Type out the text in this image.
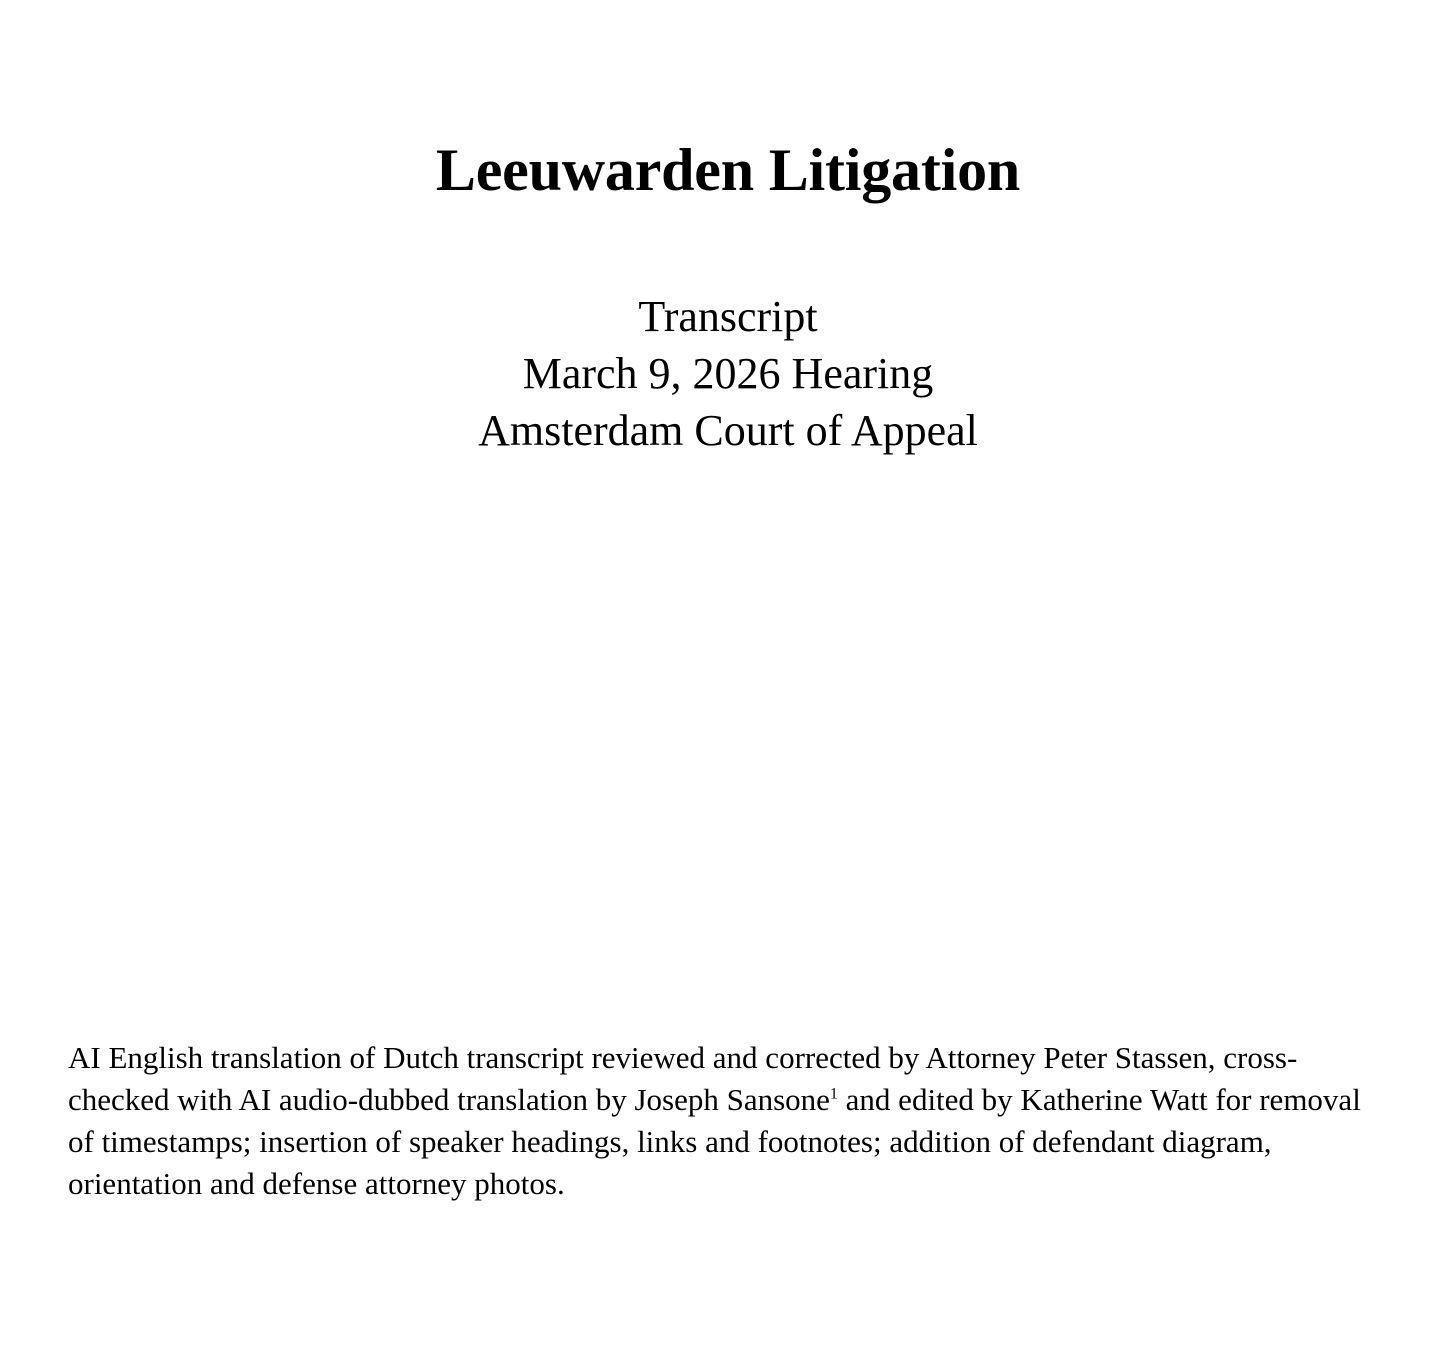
Leeuwarden Litigation
Transcript
March 9, 2026 Hearing
Amsterdam Court of Appeal

AI English translation of Dutch transcript reviewed and corrected by Attorney Peter Stassen, cross-checked with AI audio-dubbed translation by Joseph Sansone$^1$ and edited by Katherine Watt for removal of timestamps; insertion of speaker headings, links and footnotes; addition of defendant diagram, orientation and defense attorney photos.
